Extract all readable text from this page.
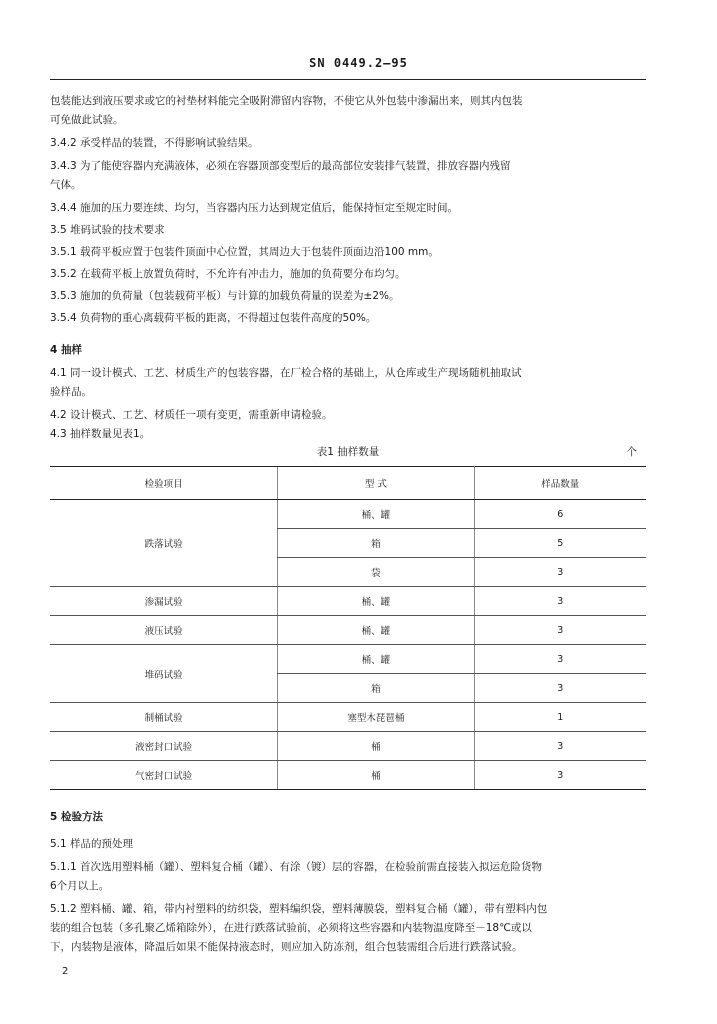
SN 0449.2—95
包装能达到液压要求或它的衬垫材料能完全吸附滞留内容物，不使它从外包装中渗漏出来，则其内包装
可免做此试验。
3.4.2 承受样品的装置，不得影响试验结果。
3.4.3 为了能使容器内充满液体，必须在容器顶部变型后的最高部位安装排气装置，排放容器内残留
气体。
3.4.4 施加的压力要连续、均匀，当容器内压力达到规定值后，能保持恒定至规定时间。
3.5 堆码试验的技术要求
3.5.1 载荷平板应置于包装件顶面中心位置，其周边大于包装件顶面边沿100 mm。
3.5.2 在载荷平板上放置负荷时，不允许有冲击力，施加的负荷要分布均匀。
3.5.3 施加的负荷量（包装载荷平板）与计算的加载负荷量的误差为±2%。
3.5.4 负荷物的重心离载荷平板的距离，不得超过包装件高度的50%。
4 抽样
4.1 同一设计模式、工艺、材质生产的包装容器，在厂检合格的基础上，从仓库或生产现场随机抽取试
验样品。
4.2 设计模式、工艺、材质任一项有变更，需重新申请检验。
4.3 抽样数量见表1。
表1 抽样数量	个
检验项目	型 式	样品数量
跌落试验	桶、罐	6
	箱	5
	袋	3
渗漏试验	桶、罐	3
液压试验	桶、罐	3
堆码试验	桶、罐	3
	箱	3
制桶试验	塞型木琵琶桶	1
液密封口试验	桶	3
气密封口试验	桶	3
5 检验方法
5.1 样品的预处理
5.1.1 首次选用塑料桶（罐）、塑料复合桶（罐）、有涂（镀）层的容器，在检验前需直接装入拟运危险货物
6个月以上。
5.1.2 塑料桶、罐、箱，带内衬塑料的纺织袋，塑料编织袋，塑料薄膜袋，塑料复合桶（罐），带有塑料内包
装的组合包装（多孔聚乙烯箱除外），在进行跌落试验前，必须将这些容器和内装物温度降至－18℃或以
下，内装物是液体，降温后如果不能保持液态时，则应加入防冻剂，组合包装需组合后进行跌落试验。
2
